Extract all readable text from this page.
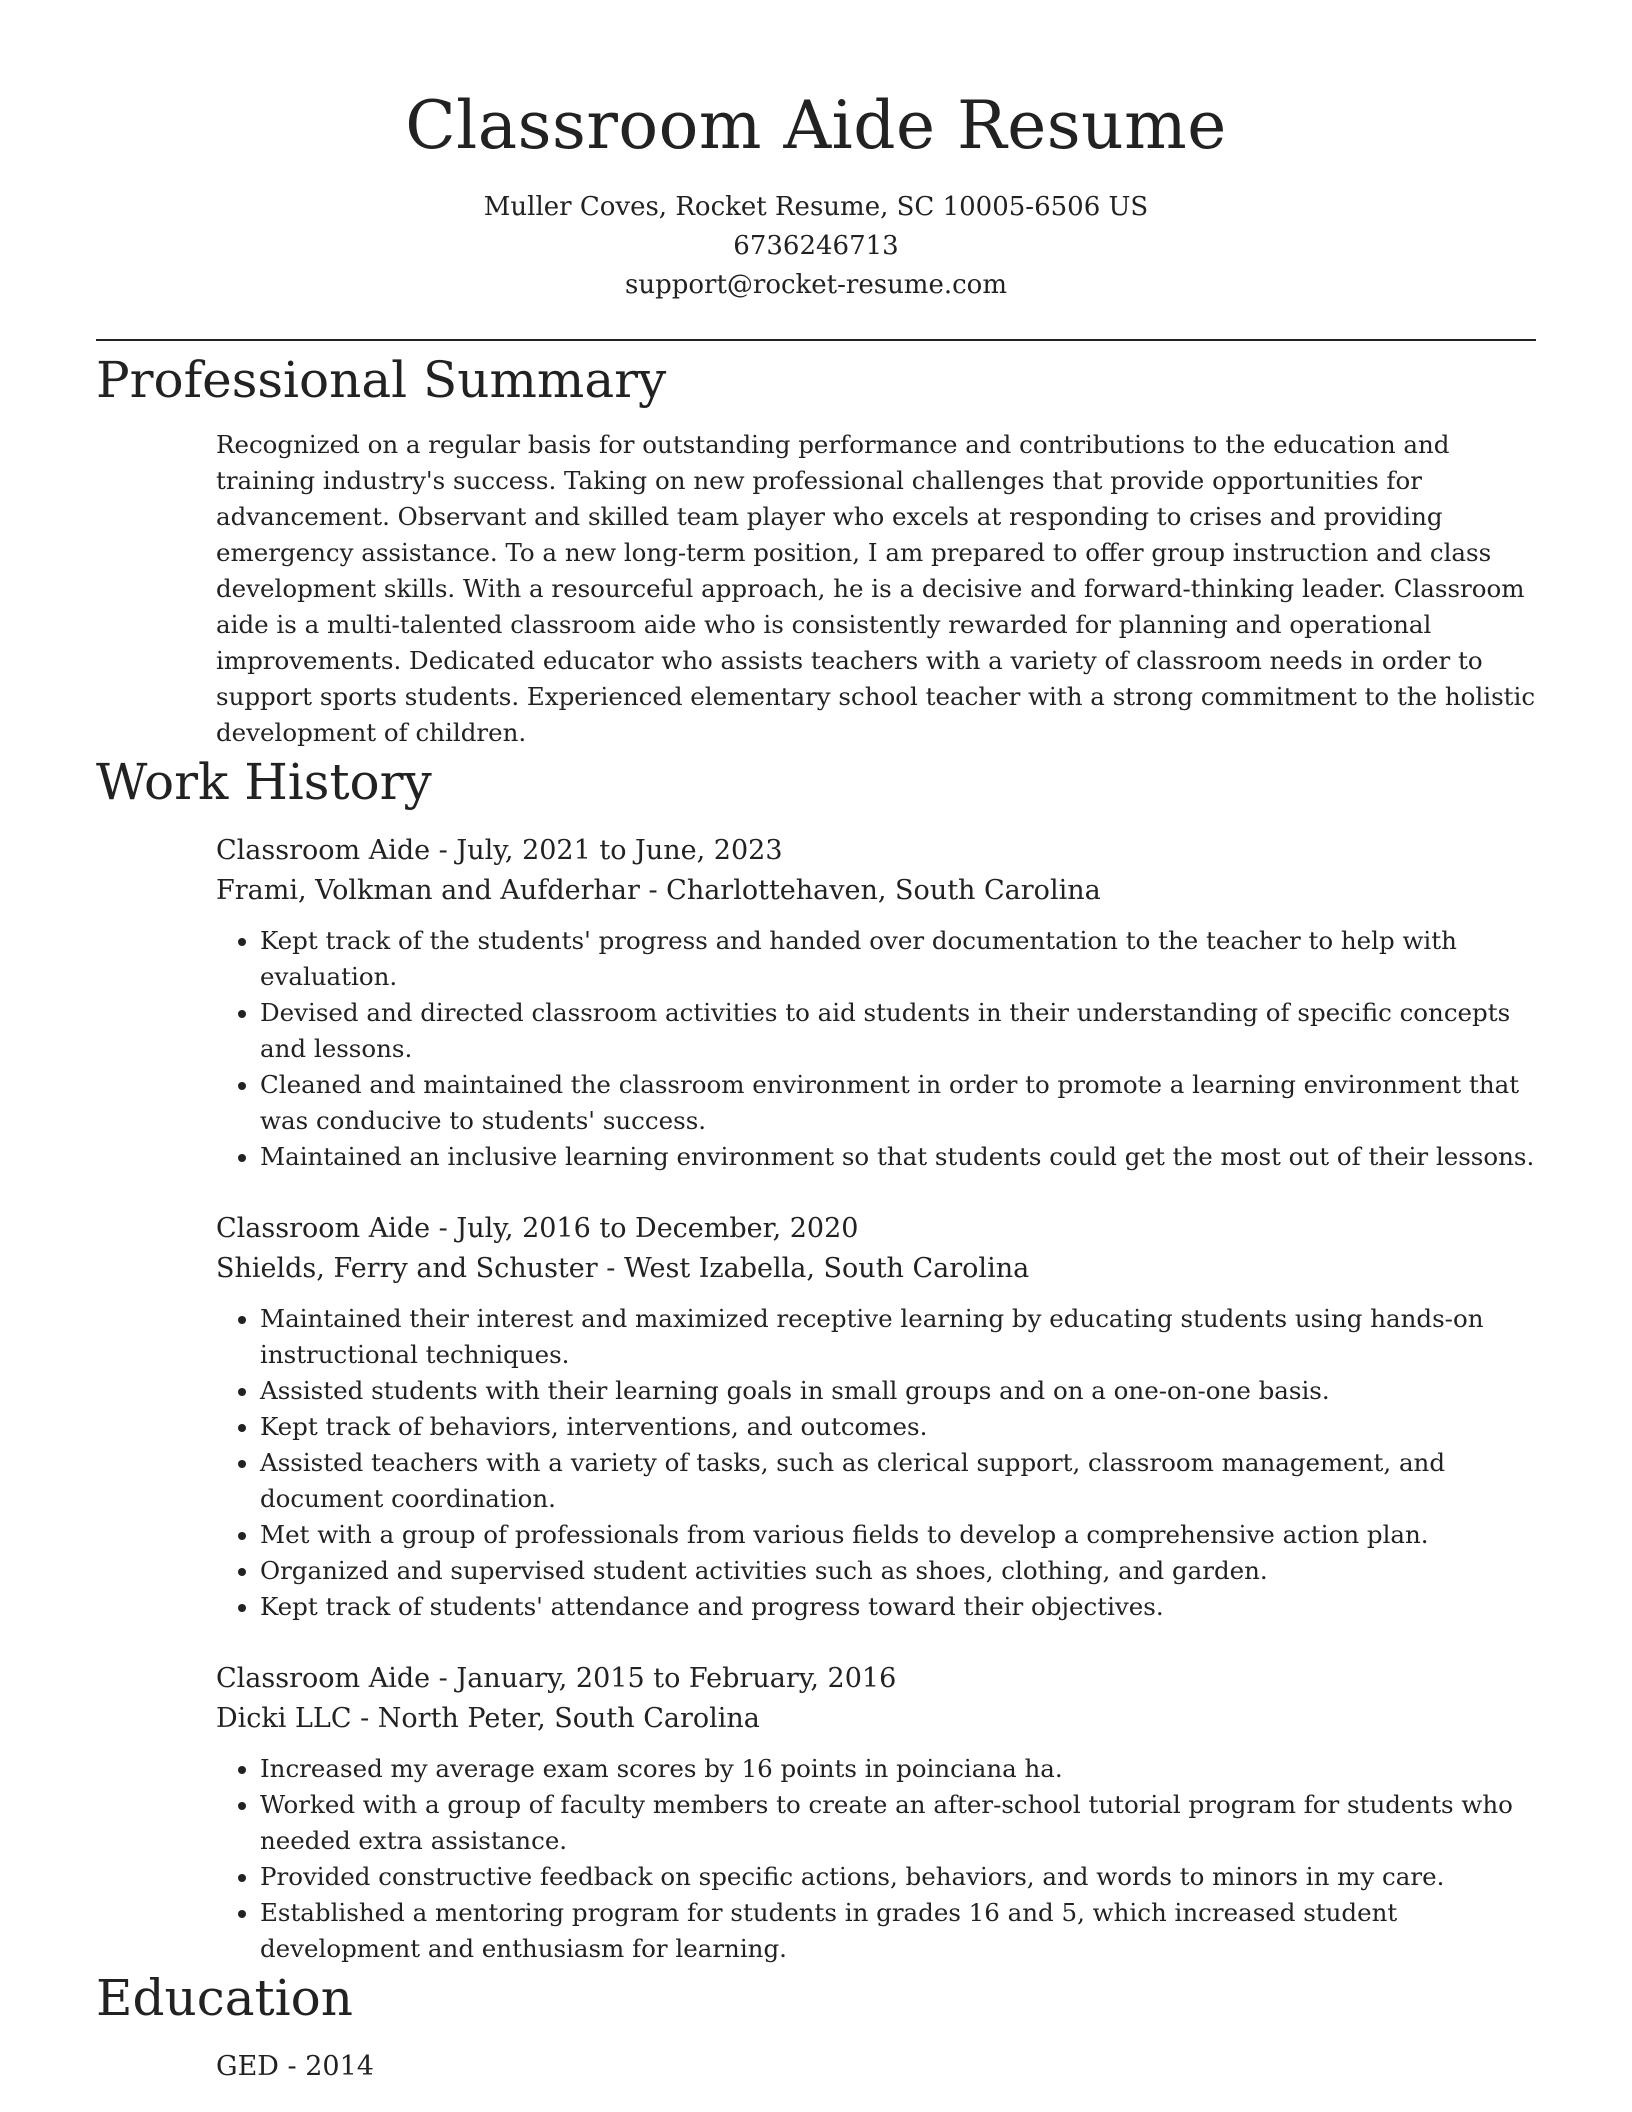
Classroom Aide Resume
Muller Coves, Rocket Resume, SC 10005-6506 US
6736246713
support@rocket-resume.com
Professional Summary
Recognized on a regular basis for outstanding performance and contributions to the education and training industry's success. Taking on new professional challenges that provide opportunities for advancement. Observant and skilled team player who excels at responding to crises and providing emergency assistance. To a new long-term position, I am prepared to offer group instruction and class development skills. With a resourceful approach, he is a decisive and forward-thinking leader. Classroom aide is a multi-talented classroom aide who is consistently rewarded for planning and operational improvements. Dedicated educator who assists teachers with a variety of classroom needs in order to support sports students. Experienced elementary school teacher with a strong commitment to the holistic development of children.
Work History
Classroom Aide - July, 2021 to June, 2023
Frami, Volkman and Aufderhar - Charlottehaven, South Carolina
• Kept track of the students' progress and handed over documentation to the teacher to help with evaluation.
• Devised and directed classroom activities to aid students in their understanding of specific concepts and lessons.
• Cleaned and maintained the classroom environment in order to promote a learning environment that was conducive to students' success.
• Maintained an inclusive learning environment so that students could get the most out of their lessons.
Classroom Aide - July, 2016 to December, 2020
Shields, Ferry and Schuster - West Izabella, South Carolina
• Maintained their interest and maximized receptive learning by educating students using hands-on instructional techniques.
• Assisted students with their learning goals in small groups and on a one-on-one basis.
• Kept track of behaviors, interventions, and outcomes.
• Assisted teachers with a variety of tasks, such as clerical support, classroom management, and document coordination.
• Met with a group of professionals from various fields to develop a comprehensive action plan.
• Organized and supervised student activities such as shoes, clothing, and garden.
• Kept track of students' attendance and progress toward their objectives.
Classroom Aide - January, 2015 to February, 2016
Dicki LLC - North Peter, South Carolina
• Increased my average exam scores by 16 points in poinciana ha.
• Worked with a group of faculty members to create an after-school tutorial program for students who needed extra assistance.
• Provided constructive feedback on specific actions, behaviors, and words to minors in my care.
• Established a mentoring program for students in grades 16 and 5, which increased student development and enthusiasm for learning.
Education
GED - 2014
